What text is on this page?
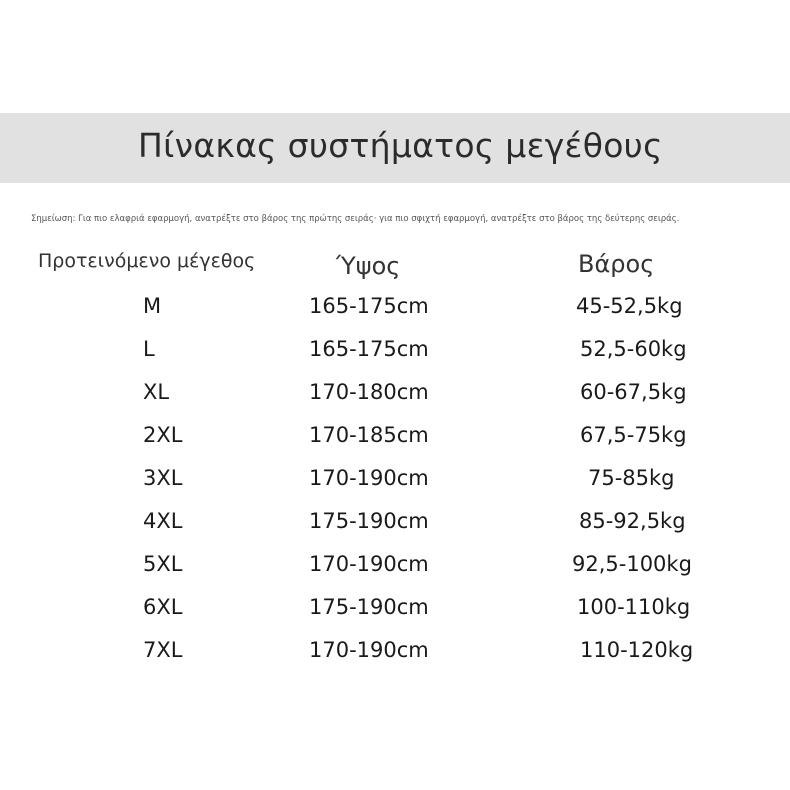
Πίνακας συστήματος μεγέθους
Σημείωση: Για πιο ελαφριά εφαρμογή, ανατρέξτε στο βάρος της πρώτης σειράς· για πιο σφιχτή εφαρμογή, ανατρέξτε στο βάρος της δεύτερης σειράς.
Προτεινόμενο μέγεθος	Ύψος	Βάρος
M	165-175cm	45-52,5kg
L	165-175cm	52,5-60kg
XL	170-180cm	60-67,5kg
2XL	170-185cm	67,5-75kg
3XL	170-190cm	75-85kg
4XL	175-190cm	85-92,5kg
5XL	170-190cm	92,5-100kg
6XL	175-190cm	100-110kg
7XL	170-190cm	110-120kg
